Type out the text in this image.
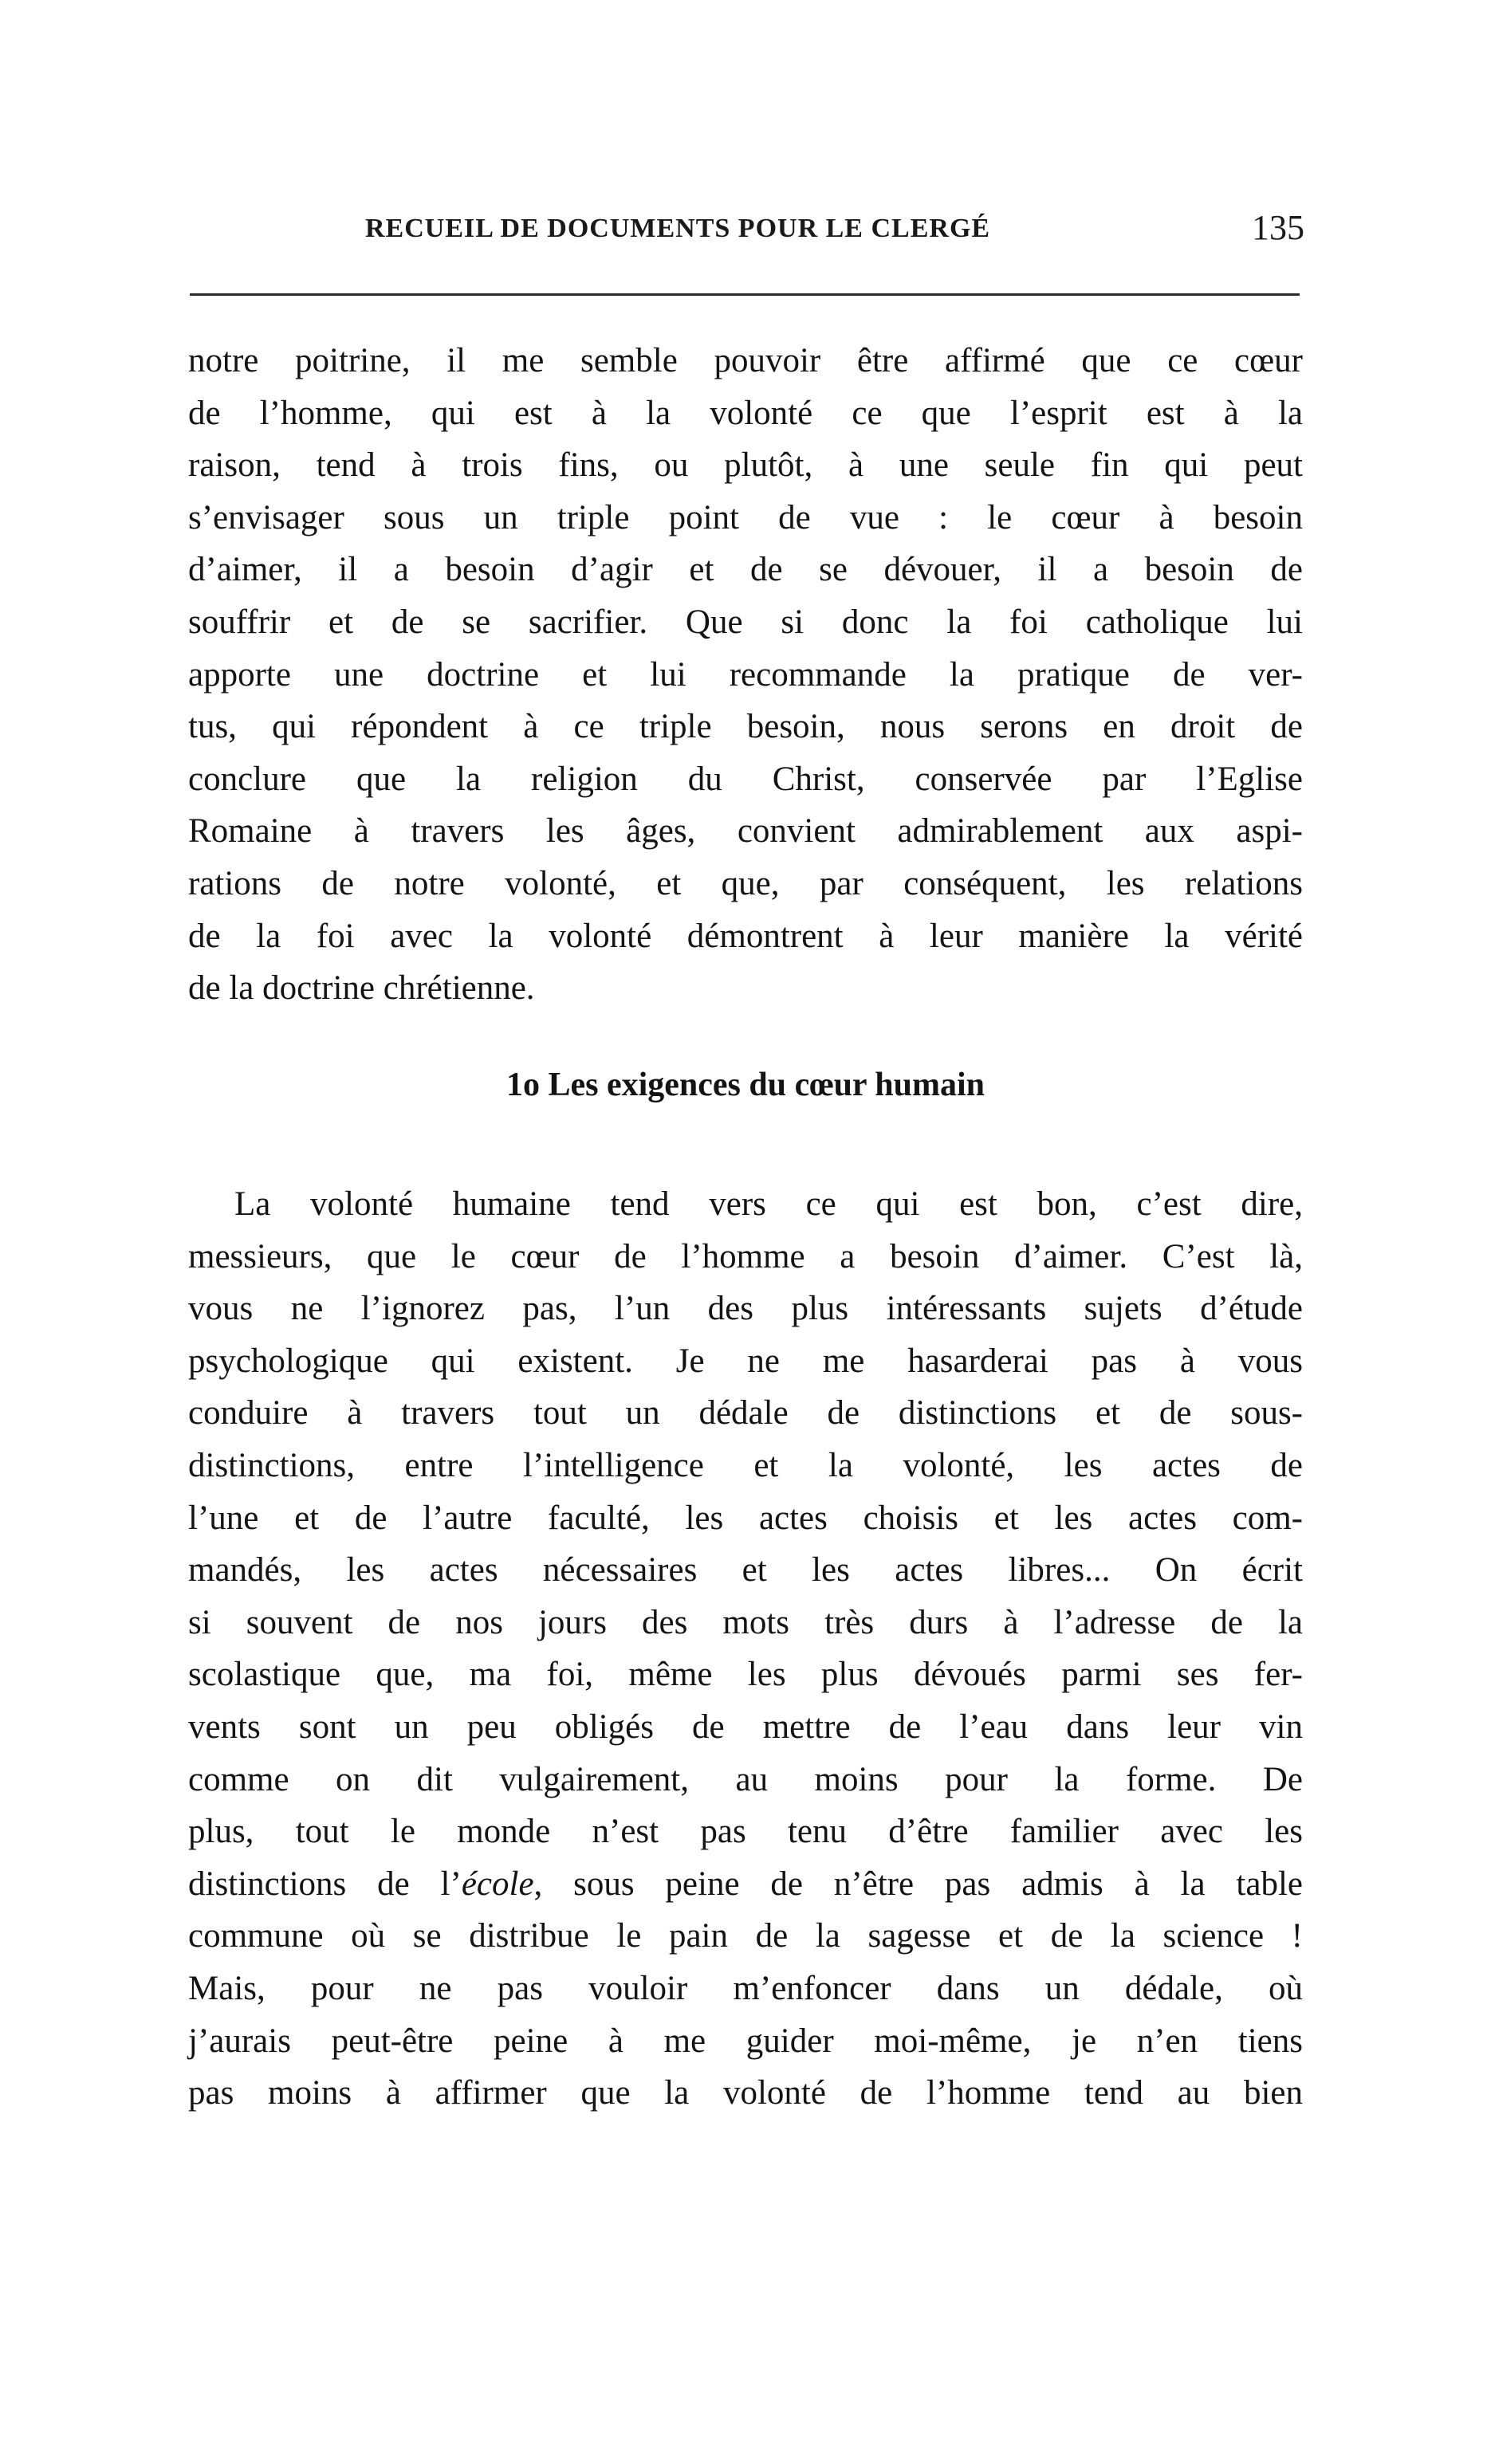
RECUEIL DE DOCUMENTS POUR LE CLERGÉ	135

notre poitrine, il me semble pouvoir être affirmé que ce cœur

de l’homme, qui est à la volonté ce que l’esprit est à la

raison, tend à trois fins, ou plutôt, à une seule fin qui peut

s’envisager sous un triple point de vue : le cœur à besoin

d’aimer, il a besoin d’agir et de se dévouer, il a besoin de

souffrir et de se sacrifier. Que si donc la foi catholique lui

apporte une doctrine et lui recommande la pratique de ver-

tus, qui répondent à ce triple besoin, nous serons en droit de

conclure que la religion du Christ, conservée par l’Eglise

Romaine à travers les âges, convient admirablement aux aspi-

rations de notre volonté, et que, par conséquent, les relations

de la foi avec la volonté démontrent à leur manière la vérité

de la doctrine chrétienne.

1o Les exigences du cœur humain

La volonté humaine tend vers ce qui est bon, c’est dire,

messieurs, que le cœur de l’homme a besoin d’aimer. C’est là,

vous ne l’ignorez pas, l’un des plus intéressants sujets d’étude

psychologique qui existent. Je ne me hasarderai pas à vous

conduire à travers tout un dédale de distinctions et de sous-

distinctions, entre l’intelligence et la volonté, les actes de

l’une et de l’autre faculté, les actes choisis et les actes com-

mandés, les actes nécessaires et les actes libres... On écrit

si souvent de nos jours des mots très durs à l’adresse de la

scolastique que, ma foi, même les plus dévoués parmi ses fer-

vents sont un peu obligés de mettre de l’eau dans leur vin

comme on dit vulgairement, au moins pour la forme. De

plus, tout le monde n’est pas tenu d’être familier avec les

distinctions de l’école, sous peine de n’être pas admis à la table

commune où se distribue le pain de la sagesse et de la science !

Mais, pour ne pas vouloir m’enfoncer dans un dédale, où

j’aurais peut-être peine à me guider moi-même, je n’en tiens

pas moins à affirmer que la volonté de l’homme tend au bien
